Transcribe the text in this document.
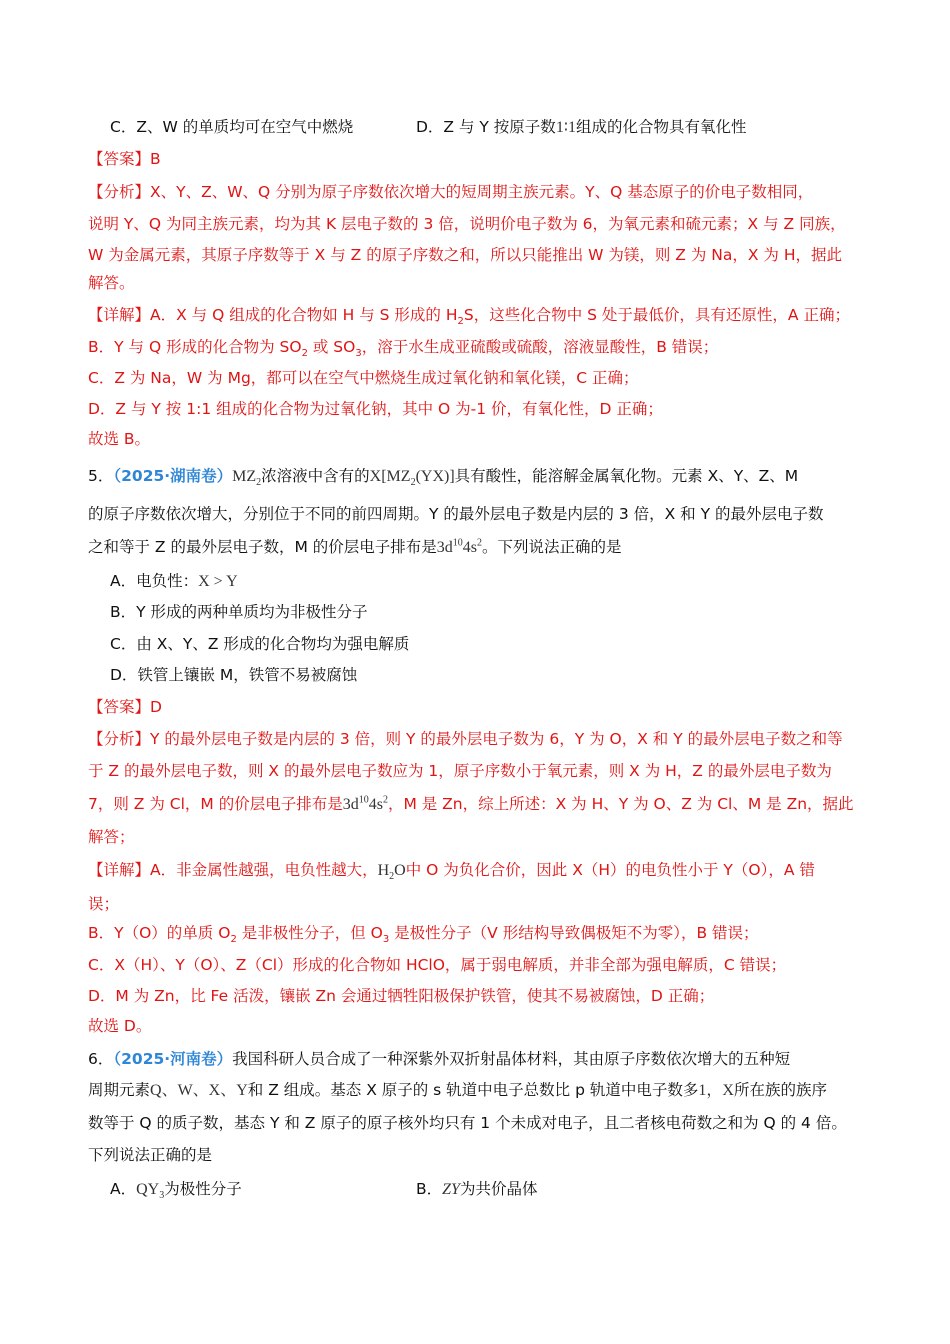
C．Z、W 的单质均可在空气中燃烧	D．Z 与 Y 按原子数1∶1组成的化合物具有氧化性
【答案】B
【分析】X、Y、Z、W、Q 分别为原子序数依次增大的短周期主族元素。Y、Q 基态原子的价电子数相同，
说明 Y、Q 为同主族元素，均为其 K 层电子数的 3 倍，说明价电子数为 6，为氧元素和硫元素；X 与 Z 同族，
W 为金属元素，其原子序数等于 X 与 Z 的原子序数之和，所以只能推出 W 为镁，则 Z 为 Na，X 为 H，据此
解答。
【详解】A．X 与 Q 组成的化合物如 H 与 S 形成的 $H_2S$，这些化合物中 S 处于最低价，具有还原性，A 正确；
B．Y 与 Q 形成的化合物为 $SO_2$ 或 $SO_3$，溶于水生成亚硫酸或硫酸，溶液显酸性，B 错误；
C．Z 为 Na，W 为 Mg，都可以在空气中燃烧生成过氧化钠和氧化镁，C 正确；
D．Z 与 Y 按 1:1 组成的化合物为过氧化钠，其中 O 为-1 价，有氧化性，D 正确；
故选 B。
5．（2025·湖南卷）$MZ_2$浓溶液中含有的$X[MZ_2(YX)]$具有酸性，能溶解金属氧化物。元素 X、Y、Z、M
的原子序数依次增大，分别位于不同的前四周期。Y 的最外层电子数是内层的 3 倍，X 和 Y 的最外层电子数
之和等于 Z 的最外层电子数，M 的价层电子排布是$3d^{10}4s^2$。下列说法正确的是
A．电负性：X > Y
B．Y 形成的两种单质均为非极性分子
C．由 X、Y、Z 形成的化合物均为强电解质
D．铁管上镶嵌 M，铁管不易被腐蚀
【答案】D
【分析】Y 的最外层电子数是内层的 3 倍，则 Y 的最外层电子数为 6，Y 为 O，X 和 Y 的最外层电子数之和等
于 Z 的最外层电子数，则 X 的最外层电子数应为 1，原子序数小于氧元素，则 X 为 H，Z 的最外层电子数为
7，则 Z 为 Cl，M 的价层电子排布是$3d^{10}4s^2$，M 是 Zn，综上所述：X 为 H、Y 为 O、Z 为 Cl、M 是 Zn，据此
解答；
【详解】A．非金属性越强，电负性越大，$H_2O$中 O 为负化合价，因此 X（H）的电负性小于 Y（O），A 错
误；
B．Y（O）的单质 $O_2$ 是非极性分子，但 $O_3$ 是极性分子（V 形结构导致偶极矩不为零），B 错误；
C．X（H）、Y（O）、Z（Cl）形成的化合物如 HClO，属于弱电解质，并非全部为强电解质，C 错误；
D．M 为 Zn，比 Fe 活泼，镶嵌 Zn 会通过牺牲阳极保护铁管，使其不易被腐蚀，D 正确；
故选 D。
6．（2025·河南卷）我国科研人员合成了一种深紫外双折射晶体材料，其由原子序数依次增大的五种短
周期元素Q、W、X、Y和 Z 组成。基态 X 原子的 s 轨道中电子总数比 p 轨道中电子数多1，X所在族的族序
数等于 Q 的质子数，基态 Y 和 Z 原子的原子核外均只有 1 个未成对电子，且二者核电荷数之和为 Q 的 4 倍。
下列说法正确的是
A．$QY_3$为极性分子	B．ZY为共价晶体
